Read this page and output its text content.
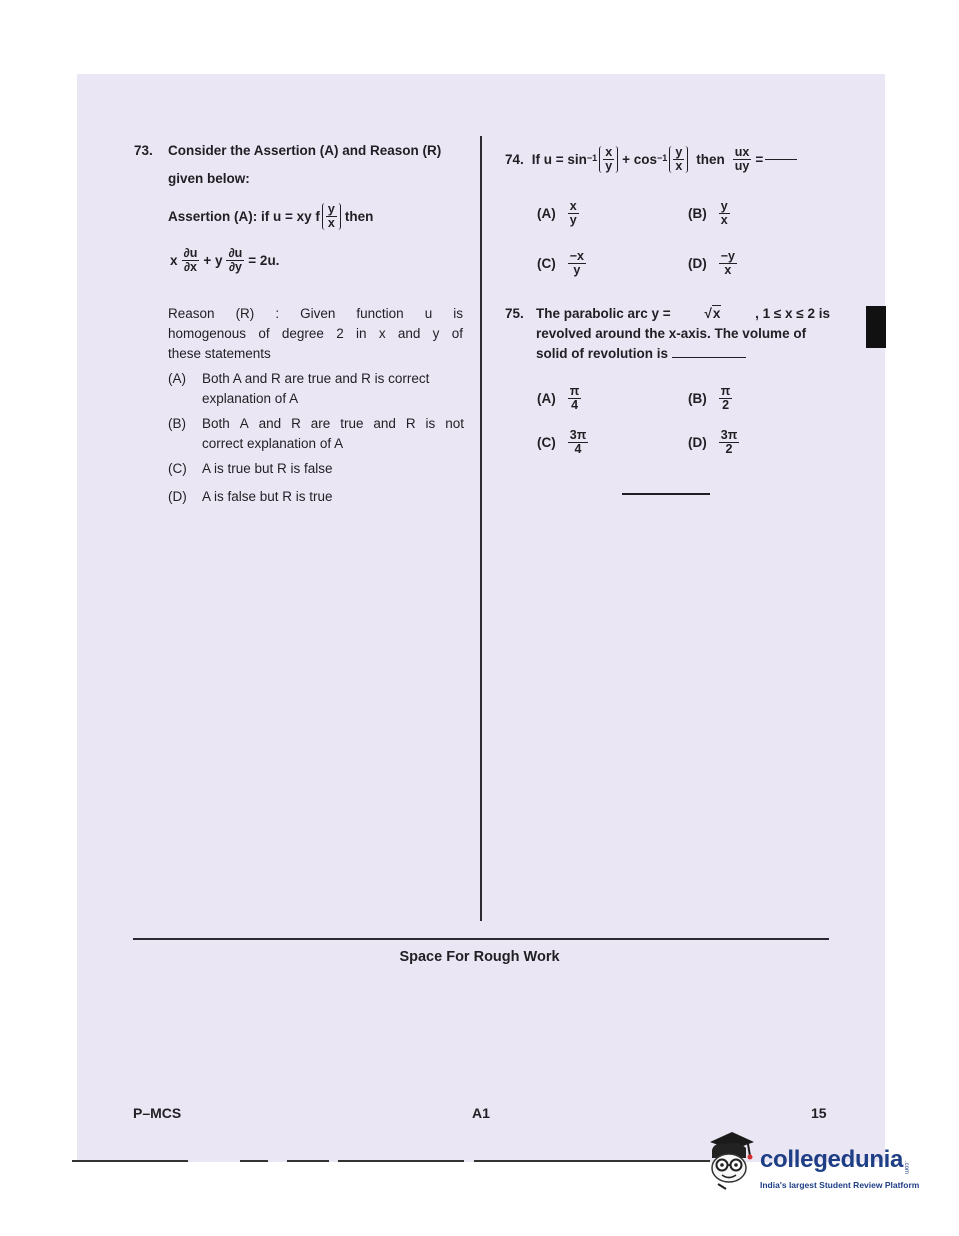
73. Consider the Assertion (A) and Reason (R)
given below:
Assertion (A): if u = xy f $\frac{y}{x}$ then
x $\frac{\partial u}{\partial x} + y \frac{\partial u}{\partial y} = 2u$.
Reason (R) : Given function u is
homogenous of degree 2 in x and y of
these statements
(A) Both A and R are true and R is correct
explanation of A
(B) Both A and R are true and R is not
correct explanation of A
(C) A is true but R is false
(D) A is false but R is true
74. If $u = \sin -1 \frac{x}{y} + \cos -1 \frac{y}{x}$ then $\frac{ux}{uy}$ =
$(A) \frac{x}{y}$	$(B) \frac{y}{x}$
$(C) \frac{-x}{y}$	$(D) \frac{-y}{x}$
75. The parabolic arc y =	√x	, 1 ≤ x ≤ 2 is
revolved around the x-axis. The volume of
solid of revolution is
$(A) \frac{\pi}{4}$	$(B) \frac{\pi}{2}$
$(C) \frac{3\pi}{4}$	$(D) \frac{3\pi}{2}$
Space For Rough Work
P–MCS	A1	15
collegedunia.com
India's largest Student Review Platform
